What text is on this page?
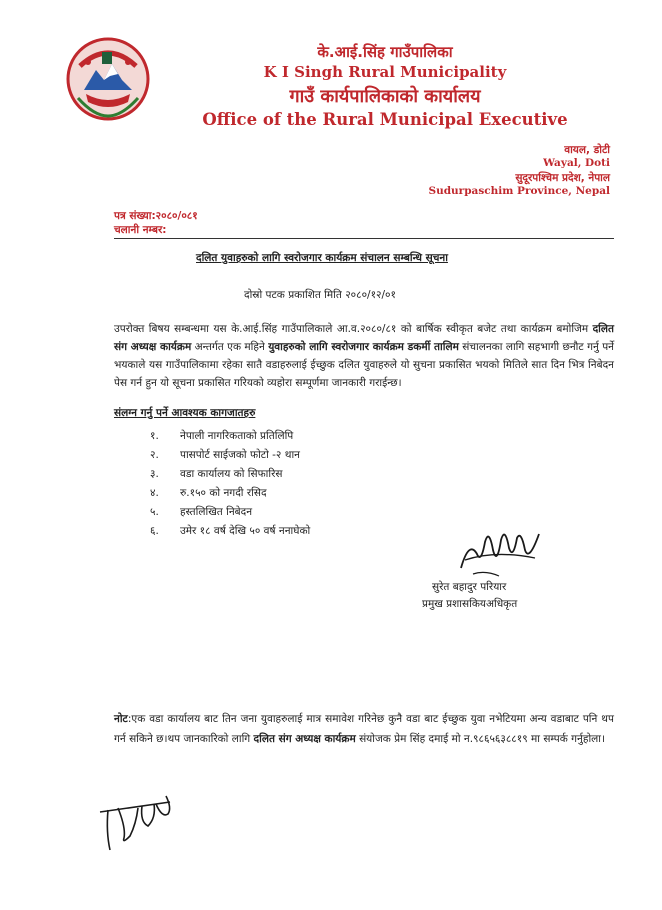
के.आई.सिंह गाउँपालिका
K I Singh Rural Municipality
गाउँ कार्यपालिकाको कार्यालय
Office of the Rural Municipal Executive
वायल, डोटी
Wayal, Doti
सुदूरपश्चिम प्रदेश, नेपाल
Sudurpaschim Province, Nepal
पत्र संख्या:२०८०/०८१
चलानी नम्बर:
दलित युवाहरुको लागि स्वरोजगार कार्यक्रम संचालन सम्बन्धि सूचना
दोस्रो पटक प्रकाशित मिति २०८०/१२/०१
उपरोक्त बिषय सम्बन्धमा यस के.आई.सिंह गाउँपालिकाले आ.व.२०८०/८१ को बार्षिक स्वीकृत बजेट तथा कार्यक्रम बमोजिम दलित संग अध्यक्ष कार्यक्रम अन्तर्गत एक महिने युवाहरुको लागि स्वरोजगार कार्यक्रम डकर्मी तालिम संचालनका लागि सहभागी छनौट गर्नु पर्ने भयकाले यस गाउँपालिकामा रहेका सातै वडाहरुलाई ईच्छुक दलित युवाहरुले यो सुचना प्रकासित भयको मितिले सात दिन भित्र निबेदन पेस गर्न हुन यो सूचना प्रकासित गरियको व्यहोरा सम्पूर्णमा जानकारी गराईन्छ।
संलग्न गर्नु पर्ने आवश्यक कागजातहरु
१. नेपाली नागरिकताको प्रतिलिपि
२. पासपोर्ट साईजको फोटो -२ थान
३. वडा कार्यालय को सिफारिस
४. रु.१५० को नगदी रसिद
५. हस्तलिखित निबेदन
६. उमेर १८ वर्ष देखि ५० वर्ष ननाघेको
सुरेत बहादुर परियार
प्रमुख प्रशासकियअधिकृत
नोट:एक वडा कार्यालय बाट तिन जना युवाहरुलाई मात्र समावेश गरिनेछ कुनै वडा बाट ईच्छुक युवा नभेटियमा अन्य वडाबाट पनि थप गर्न सकिने छ।थप जानकारिको लागि दलित संग अध्यक्ष कार्यक्रम संयोजक प्रेम सिंह दमाई मो न.९८६५६३८८१९ मा सम्पर्क गर्नुहोला।
